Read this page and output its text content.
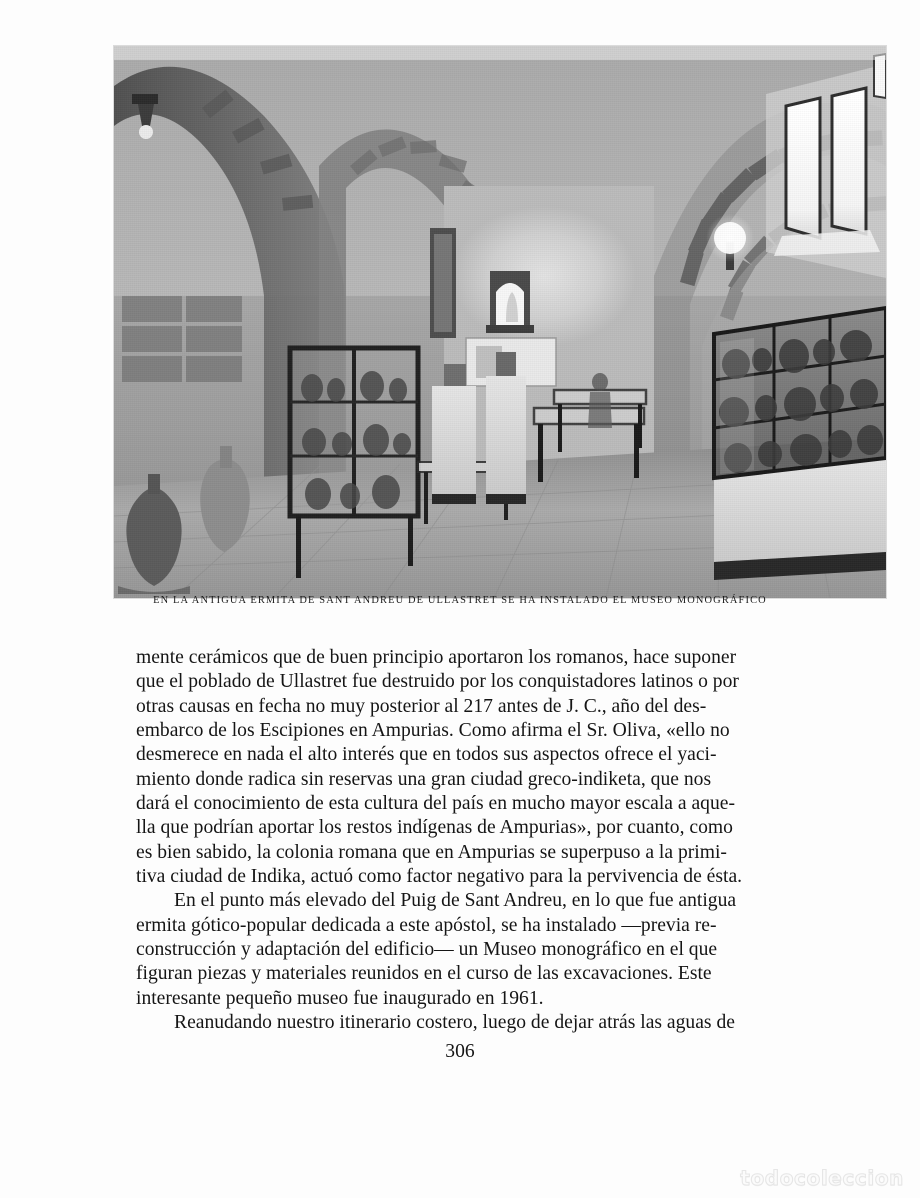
EN LA ANTIGUA ERMITA DE SANT ANDREU DE ULLASTRET SE HA INSTALADO EL MUSEO MONOGRÁFICO

mente cerámicos que de buen principio aportaron los romanos, hace suponer
que el poblado de Ullastret fue destruido por los conquistadores latinos o por
otras causas en fecha no muy posterior al 217 antes de J. C., año del des-
embarco de los Escipiones en Ampurias. Como afirma el Sr. Oliva, «ello no
desmerece en nada el alto interés que en todos sus aspectos ofrece el yaci-
miento donde radica sin reservas una gran ciudad greco-indiketa, que nos
dará el conocimiento de esta cultura del país en mucho mayor escala a aque-
lla que podrían aportar los restos indígenas de Ampurias», por cuanto, como
es bien sabido, la colonia romana que en Ampurias se superpuso a la primi-
tiva ciudad de Indika, actuó como factor negativo para la pervivencia de ésta.

En el punto más elevado del Puig de Sant Andreu, en lo que fue antigua
ermita gótico-popular dedicada a este apóstol, se ha instalado —previa re-
construcción y adaptación del edificio— un Museo monográfico en el que
figuran piezas y materiales reunidos en el curso de las excavaciones. Este
interesante pequeño museo fue inaugurado en 1961.

Reanudando nuestro itinerario costero, luego de dejar atrás las aguas de

306
todocoleccion
